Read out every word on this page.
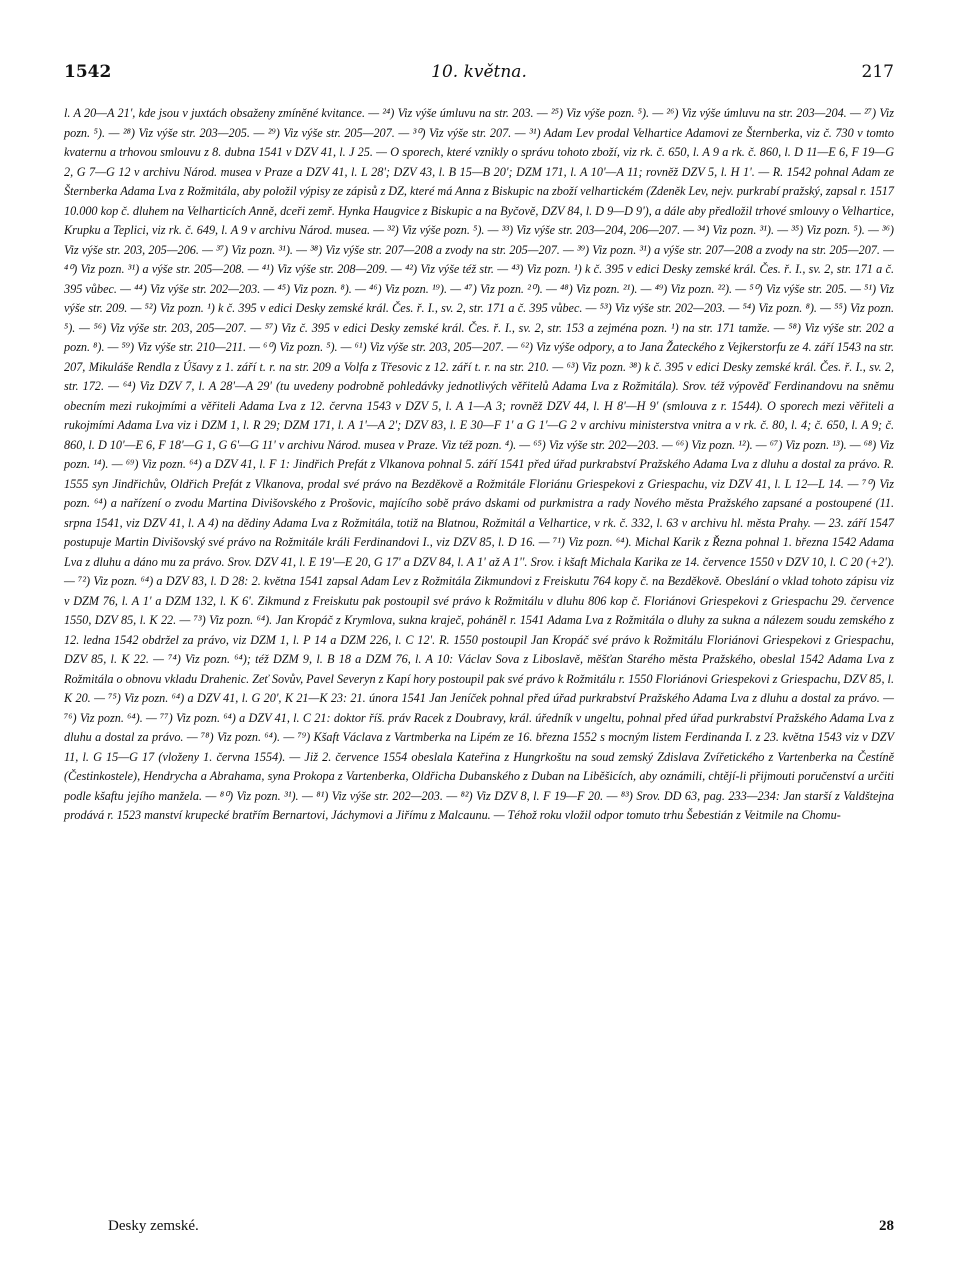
10. května.
1542	217

l. A 20—A 21', kde jsou v juxtách obsaženy zmíněné kvitance. — ²⁴) Viz výše úmluvu na str. 203. — ²⁵) Viz výše pozn. ⁵). — ²⁶) Viz výše úmluvu na str. 203—204. — ²⁷) Viz pozn. ⁵). — ²⁸) Viz výše str. 203—205. — ²⁹) Viz výše str. 205—207. — ³⁰) Viz výše str. 207. — ³¹) Adam Lev prodal Velhartice Adamovi ze Šternberka, viz č. 730 v tomto kvaternu a trhovou smlouvu z 8. dubna 1541 v DZV 41, l. J 25. — O sporech, které vznikly o správu tohoto zboží, viz rk. č. 650, l. A 9 a rk. č. 860, l. D 11—E 6, F 19—G 2, G 7—G 12 v archivu Národ. musea v Praze a DZV 41, l. L 28'; DZV 43, l. B 15—B 20'; DZM 171, l. A 10'—A 11; rovněž DZV 5, l. H 1'. — R. 1542 pohnal Adam ze Šternberka Adama Lva z Rožmitála, aby položil výpisy ze zápisů z DZ, které má Anna z Biskupic na zboží velhartickém (Zdeněk Lev, nejv. purkrabí pražský, zapsal r. 1517 10.000 kop č. dluhem na Velharticích Anně, dceři zemř. Hynka Haugvice z Biskupic a na Byčově, DZV 84, l. D 9—D 9'), a dále aby předložil trhové smlouvy o Velhartice, Krupku a Teplici, viz rk. č. 649, l. A 9 v archivu Národ. musea. — ³²) Viz výše pozn. ⁵). — ³³) Viz výše str. 203—204, 206—207. — ³⁴) Viz pozn. ³¹). — ³⁵) Viz pozn. ⁵). — ³⁶) Viz výše str. 203, 205—206. — ³⁷) Viz pozn. ³¹). — ³⁸) Viz výše str. 207—208 a zvody na str. 205—207. — ³⁹) Viz pozn. ³¹) a výše str. 207—208 a zvody na str. 205—207. — ⁴⁰) Viz pozn. ³¹) a výše str. 205—208. — ⁴¹) Viz výše str. 208—209. — ⁴²) Viz výše též str. — ⁴³) Viz pozn. ¹) k č. 395 v edici Desky zemské král. Čes. ř. I., sv. 2, str. 171 a č. 395 vůbec. — ⁴⁴) Viz výše str. 202—203. — ⁴⁵) Viz pozn. ⁸). — ⁴⁶) Viz pozn. ¹⁹). — ⁴⁷) Viz pozn. ²⁰). — ⁴⁸) Viz pozn. ²¹). — ⁴⁹) Viz pozn. ²²). — ⁵⁰) Viz výše str. 205. — ⁵¹) Viz výše str. 209. — ⁵²) Viz pozn. ¹) k č. 395 v edici Desky zemské král. Čes. ř. I., sv. 2, str. 171 a č. 395 vůbec. — ⁵³) Viz výše str. 202—203. — ⁵⁴) Viz pozn. ⁸). — ⁵⁵) Viz pozn. ⁵). — ⁵⁶) Viz výše str. 203, 205—207. — ⁵⁷) Viz č. 395 v edici Desky zemské král. Čes. ř. I., sv. 2, str. 153 a zejména pozn. ¹) na str. 171 tamže. — ⁵⁸) Viz výše str. 202 a pozn. ⁸). — ⁵⁹) Viz výše str. 210—211. — ⁶⁰) Viz pozn. ⁵). — ⁶¹) Viz výše str. 203, 205—207. — ⁶²) Viz výše odpory, a to Jana Žateckého z Vejkerstorfu ze 4. září 1543 na str. 207, Mikuláše Rendla z Úšavy z 1. září t. r. na str. 209 a Volfa z Třesovic z 12. září t. r. na str. 210. — ⁶³) Viz pozn. ³⁸) k č. 395 v edici Desky zemské král. Čes. ř. I., sv. 2, str. 172. — ⁶⁴) Viz DZV 7, l. A 28'—A 29' (tu uvedeny podrobně pohledávky jednotlivých věřitelů Adama Lva z Rožmitála). Srov. též výpověď Ferdinandovu na sněmu obecním mezi rukojmími a věřiteli Adama Lva z 12. června 1543 v DZV 5, l. A 1—A 3; rovněž DZV 44, l. H 8'—H 9' (smlouva z r. 1544). O sporech mezi věřiteli a rukojmími Adama Lva viz i DZM 1, l. R 29; DZM 171, l. A 1'—A 2'; DZV 83, l. E 30—F 1' a G 1'—G 2 v archivu ministerstva vnitra a v rk. č. 80, l. 4; č. 650, l. A 9; č. 860, l. D 10'—E 6, F 18'—G 1, G 6'—G 11' v archivu Národ. musea v Praze. Viz též pozn. ⁴). — ⁶⁵) Viz výše str. 202—203. — ⁶⁶) Viz pozn. ¹²). — ⁶⁷) Viz pozn. ¹³). — ⁶⁸) Viz pozn. ¹⁴). — ⁶⁹) Viz pozn. ⁶⁴) a DZV 41, l. F 1: Jindřich Prefát z Vlkanova pohnal 5. září 1541 před úřad purkrabství Pražského Adama Lva z dluhu a dostal za právo. R. 1555 syn Jindřichův, Oldřich Prefát z Vlkanova, prodal své právo na Bezděkově a Rožmitále Floriánu Griespekovi z Griespachu, viz DZV 41, l. L 12—L 14. — ⁷⁰) Viz pozn. ⁶⁴) a nařízení o zvodu Martina Divišovského z Prošovic, majícího sobě právo dskami od purkmistra a rady Nového města Pražského zapsané a postoupené (11. srpna 1541, viz DZV 41, l. A 4) na dědiny Adama Lva z Rožmitála, totiž na Blatnou, Rožmitál a Velhartice, v rk. č. 332, l. 63 v archivu hl. města Prahy. — 23. září 1547 postupuje Martin Divišovský své právo na Rožmitále králi Ferdinandovi I., viz DZV 85, l. D 16. — ⁷¹) Viz pozn. ⁶⁴). Michal Karik z Řezna pohnal 1. března 1542 Adama Lva z dluhu a dáno mu za právo. Srov. DZV 41, l. E 19'—E 20, G 17' a DZV 84, l. A 1' až A 1''. Srov. i kšaft Michala Karika ze 14. července 1550 v DZV 10, l. C 20 (+2'). — ⁷²) Viz pozn. ⁶⁴) a DZV 83, l. D 28: 2. května 1541 zapsal Adam Lev z Rožmitála Zikmundovi z Freiskutu 764 kopy č. na Bezděkově. Obeslání o vklad tohoto zápisu viz v DZM 76, l. A 1' a DZM 132, l. K 6'. Zikmund z Freiskutu pak postoupil své právo k Rožmitálu v dluhu 806 kop č. Floriánovi Griespekovi z Griespachu 29. července 1550, DZV 85, l. K 22. — ⁷³) Viz pozn. ⁶⁴). Jan Kropáč z Krymlova, sukna kraječ, poháněl r. 1541 Adama Lva z Rožmitála o dluhy za sukna a nálezem soudu zemského z 12. ledna 1542 obdržel za právo, viz DZM 1, l. P 14 a DZM 226, l. C 12'. R. 1550 postoupil Jan Kropáč své právo k Rožmitálu Floriánovi Griespekovi z Griespachu, DZV 85, l. K 22. — ⁷⁴) Viz pozn. ⁶⁴); též DZM 9, l. B 18 a DZM 76, l. A 10: Václav Sova z Liboslavě, měšťan Starého města Pražského, obeslal 1542 Adama Lva z Rožmitála o obnovu vkladu Drahenic. Zeť Sovův, Pavel Severyn z Kapí hory postoupil pak své právo k Rožmitálu r. 1550 Floriánovi Griespekovi z Griespachu, DZV 85, l. K 20. — ⁷⁵) Viz pozn. ⁶⁴) a DZV 41, l. G 20', K 21—K 23: 21. února 1541 Jan Jeníček pohnal před úřad purkrabství Pražského Adama Lva z dluhu a dostal za právo. — ⁷⁶) Viz pozn. ⁶⁴). — ⁷⁷) Viz pozn. ⁶⁴) a DZV 41, l. C 21: doktor říš. práv Racek z Doubravy, král. úředník v ungeltu, pohnal před úřad purkrabství Pražského Adama Lva z dluhu a dostal za právo. — ⁷⁸) Viz pozn. ⁶⁴). — ⁷⁹) Kšaft Václava z Vartmberka na Lipém ze 16. března 1552 s mocným listem Ferdinanda I. z 23. května 1543 viz v DZV 11, l. G 15—G 17 (vloženy 1. června 1554). — Již 2. července 1554 obeslala Kateřina z Hungrkoštu na soud zemský Zdislava Zvířetického z Vartenberka na Čestíně (Čestinkostele), Hendrycha a Abrahama, syna Prokopa z Vartenberka, Oldřicha Dubanského z Duban na Liběšicích, aby oznámili, chtějí-li přijmouti poručenství a určiti podle kšaftu jejího manžela. — ⁸⁰) Viz pozn. ³¹). — ⁸¹) Viz výše str. 202—203. — ⁸²) Viz DZV 8, l. F 19—F 20. — ⁸³) Srov. DD 63, pag. 233—234: Jan starší z Valdštejna prodává r. 1523 manství krupecké bratřím Bernartovi, Jáchymovi a Jiřímu z Malcaunu. — Téhož roku vložil odpor tomuto trhu Šebestián z Veitmile na Chomu-

Desky zemské.	28
